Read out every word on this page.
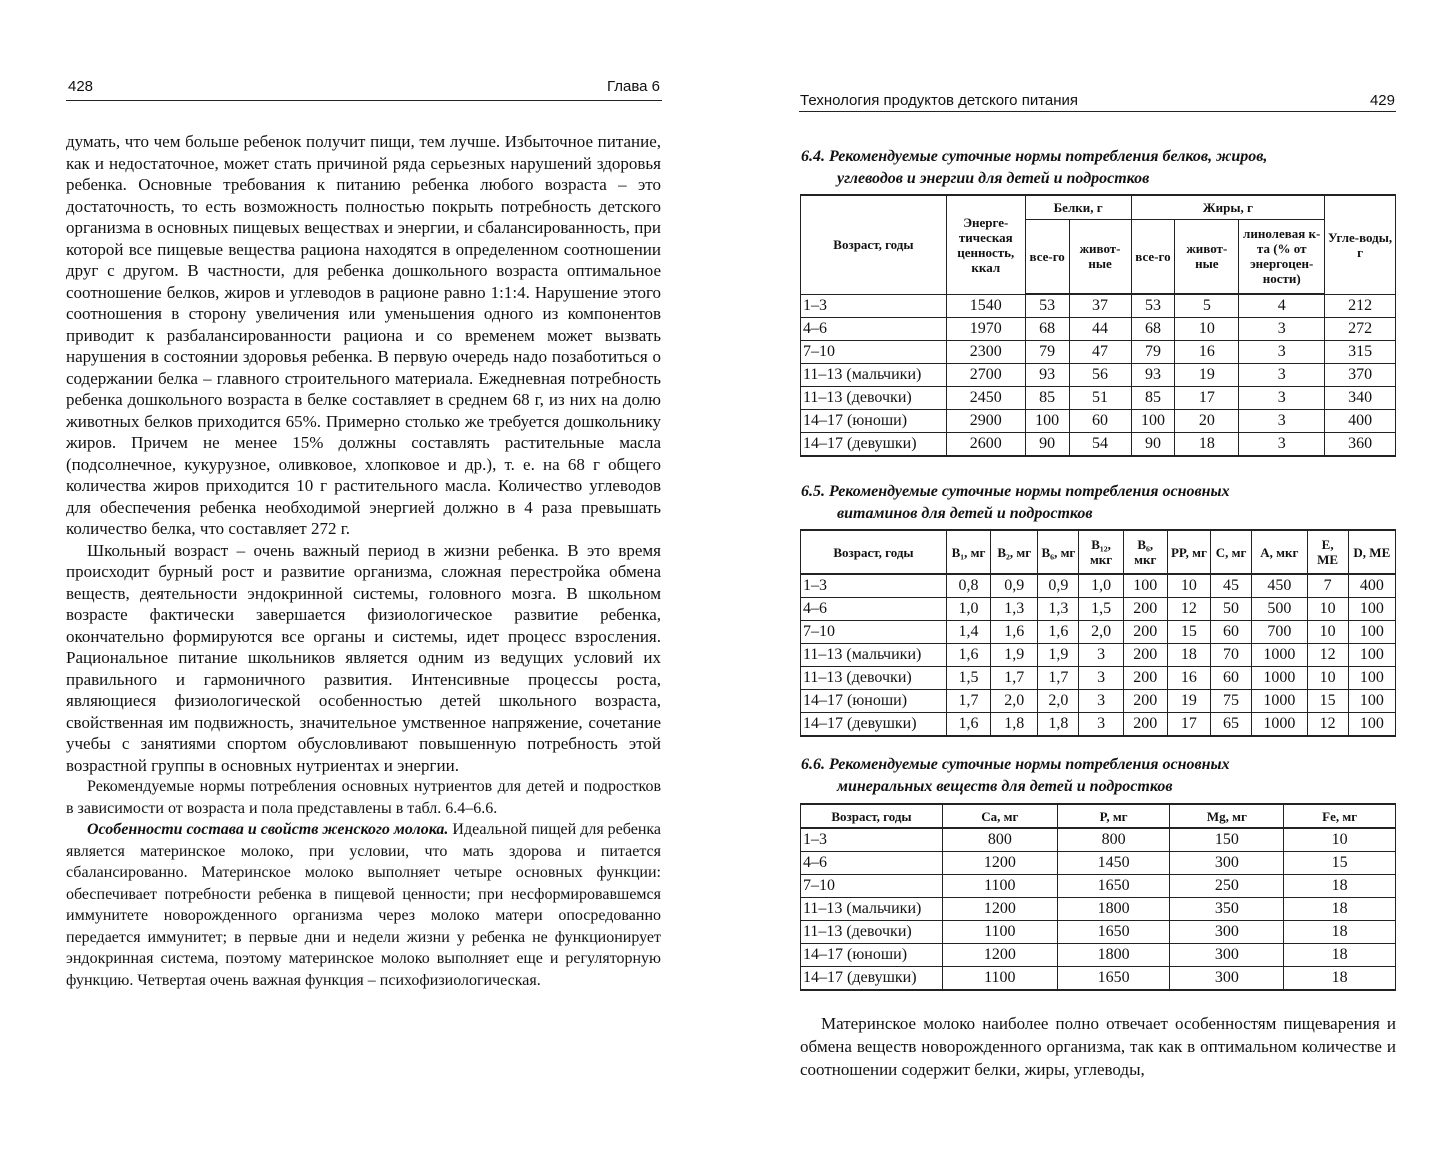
428	Глава 6

думать, что чем больше ребенок получит пищи, тем лучше. Избыточное питание, как и недостаточное, может стать причиной ряда серьезных нарушений здоровья ребенка. Основные требования к питанию ребенка любого возраста – это достаточность, то есть возможность полностью покрыть потребность детского организма в основных пищевых веществах и энергии, и сбалансированность, при которой все пищевые вещества рациона находятся в определенном соотношении друг с другом. В частности, для ребенка дошкольного возраста оптимальное соотношение белков, жиров и углеводов в рационе равно 1:1:4. Нарушение этого соотношения в сторону увеличения или уменьшения одного из компонентов приводит к разбалансированности рациона и со временем может вызвать нарушения в состоянии здоровья ребенка. В первую очередь надо позаботиться о содержании белка – главного строительного материала. Ежедневная потребность ребенка дошкольного возраста в белке составляет в среднем 68 г, из них на долю животных белков приходится 65%. Примерно столько же требуется дошкольнику жиров. Причем не менее 15% должны составлять растительные масла (подсолнечное, кукурузное, оливковое, хлопковое и др.), т. е. на 68 г общего количества жиров приходится 10 г растительного масла. Количество углеводов для обеспечения ребенка необходимой энергией должно в 4 раза превышать количество белка, что составляет 272 г.

Школьный возраст – очень важный период в жизни ребенка. В это время происходит бурный рост и развитие организма, сложная перестройка обмена веществ, деятельности эндокринной системы, головного мозга. В школьном возрасте фактически завершается физиологическое развитие ребенка, окончательно формируются все органы и системы, идет процесс взросления. Рациональное питание школьников является одним из ведущих условий их правильного и гармоничного развития. Интенсивные процессы роста, являющиеся физиологической особенностью детей школьного возраста, свойственная им подвижность, значительное умственное напряжение, сочетание учебы с занятиями спортом обусловливают повышенную потребность этой возрастной группы в основных нутриентах и энергии.

Рекомендуемые нормы потребления основных нутриентов для детей и подростков в зависимости от возраста и пола представлены в табл. 6.4–6.6.

Особенности состава и свойств женского молока. Идеальной пищей для ребенка является материнское молоко, при условии, что мать здорова и питается сбалансированно. Материнское молоко выполняет четыре основных функции: обеспечивает потребности ребенка в пищевой ценности; при несформировавшемся иммунитете новорожденного организма через молоко матери опосредованно передается иммунитет; в первые дни и недели жизни у ребенка не функционирует эндокринная система, поэтому материнское молоко выполняет еще и регуляторную функцию. Четвертая очень важная функция – психофизиологическая.

Технология продуктов детского питания	429
6.4. Рекомендуемые суточные нормы потребления белков, жиров,
углеводов и энергии для детей и подростков
Возраст, годы	Энерге-тическая ценность, ккал	Белки, г		Жиры, г			Угле-воды, г
		все-го	живот-ные	все-го	живот-ные	линолевая к-та (% от энергоцен-ности)	
1–3	1540	53	37	53	5	4	212
4–6	1970	68	44	68	10	3	272
7–10	2300	79	47	79	16	3	315
11–13 (мальчики)	2700	93	56	93	19	3	370
11–13 (девочки)	2450	85	51	85	17	3	340
14–17 (юноши)	2900	100	60	100	20	3	400
14–17 (девушки)	2600	90	54	90	18	3	360
6.5. Рекомендуемые суточные нормы потребления основных
витаминов для детей и подростков
Возраст, годы	B₁, мг	B₂, мг	B₆, мг	B₁₂, мкг	B₆, мкг	PP, мг	C, мг	A, мкг	E, ME	D, ME
1–3	0,8	0,9	0,9	1,0	100	10	45	450	7	400
4–6	1,0	1,3	1,3	1,5	200	12	50	500	10	100
7–10	1,4	1,6	1,6	2,0	200	15	60	700	10	100
11–13 (мальчики)	1,6	1,9	1,9	3	200	18	70	1000	12	100
11–13 (девочки)	1,5	1,7	1,7	3	200	16	60	1000	10	100
14–17 (юноши)	1,7	2,0	2,0	3	200	19	75	1000	15	100
14–17 (девушки)	1,6	1,8	1,8	3	200	17	65	1000	12	100
6.6. Рекомендуемые суточные нормы потребления основных
минеральных веществ для детей и подростков
Возраст, годы	Ca, мг	P, мг	Mg, мг	Fe, мг
1–3	800	800	150	10
4–6	1200	1450	300	15
7–10	1100	1650	250	18
11–13 (мальчики)	1200	1800	350	18
11–13 (девочки)	1100	1650	300	18
14–17 (юноши)	1200	1800	300	18
14–17 (девушки)	1100	1650	300	18

Материнское молоко наиболее полно отвечает особенностям пищеварения и обмена веществ новорожденного организма, так как в оптимальном количестве и соотношении содержит белки, жиры, углеводы,
